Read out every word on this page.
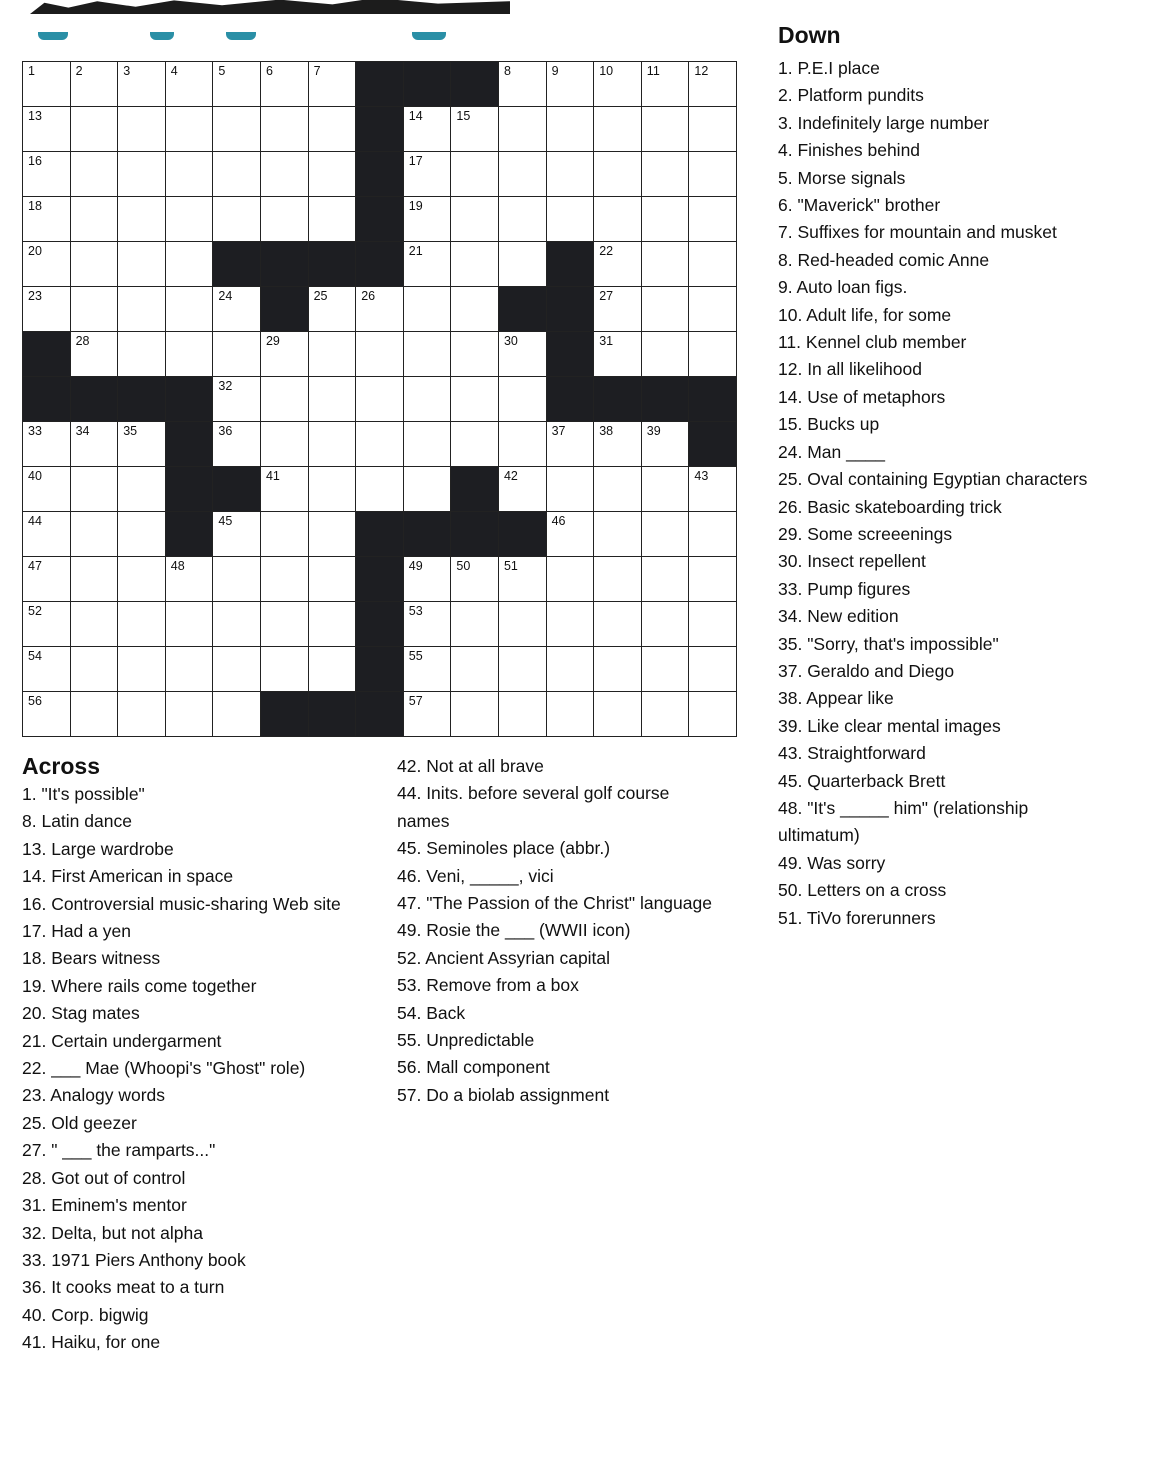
1	2	3	4	5	6	7	8	9	10	11	12
13	14	15
16	17
18	19
20	21	22
23	24	25	26	27
28	29	30	31
32
33	34	35	36	37	38	39
40	41	42	43
44	45	46
47	48	49	50	51
52	53
54	55
56	57
Across
1. "It's possible"
8. Latin dance
13. Large wardrobe
14. First American in space
16. Controversial music-sharing Web site
17. Had a yen
18. Bears witness
19. Where rails come together
20. Stag mates
21. Certain undergarment
22. ___ Mae (Whoopi's "Ghost" role)
23. Analogy words
25. Old geezer
27. " ___ the ramparts..."
28. Got out of control
31. Eminem's mentor
32. Delta, but not alpha
33. 1971 Piers Anthony book
36. It cooks meat to a turn
40. Corp. bigwig
41. Haiku, for one
42. Not at all brave
44. Inits. before several golf course names
45. Seminoles place (abbr.)
46. Veni, _____, vici
47. "The Passion of the Christ" language
49. Rosie the ___ (WWII icon)
52. Ancient Assyrian capital
53. Remove from a box
54. Back
55. Unpredictable
56. Mall component
57. Do a biolab assignment
Down
1. P.E.I place
2. Platform pundits
3. Indefinitely large number
4. Finishes behind
5. Morse signals
6. "Maverick" brother
7. Suffixes for mountain and musket
8. Red-headed comic Anne
9. Auto loan figs.
10. Adult life, for some
11. Kennel club member
12. In all likelihood
14. Use of metaphors
15. Bucks up
24. Man ____
25. Oval containing Egyptian characters
26. Basic skateboarding trick
29. Some screeenings
30. Insect repellent
33. Pump figures
34. New edition
35. "Sorry, that's impossible"
37. Geraldo and Diego
38. Appear like
39. Like clear mental images
43. Straightforward
45. Quarterback Brett
48. "It's _____ him" (relationship ultimatum)
49. Was sorry
50. Letters on a cross
51. TiVo forerunners
